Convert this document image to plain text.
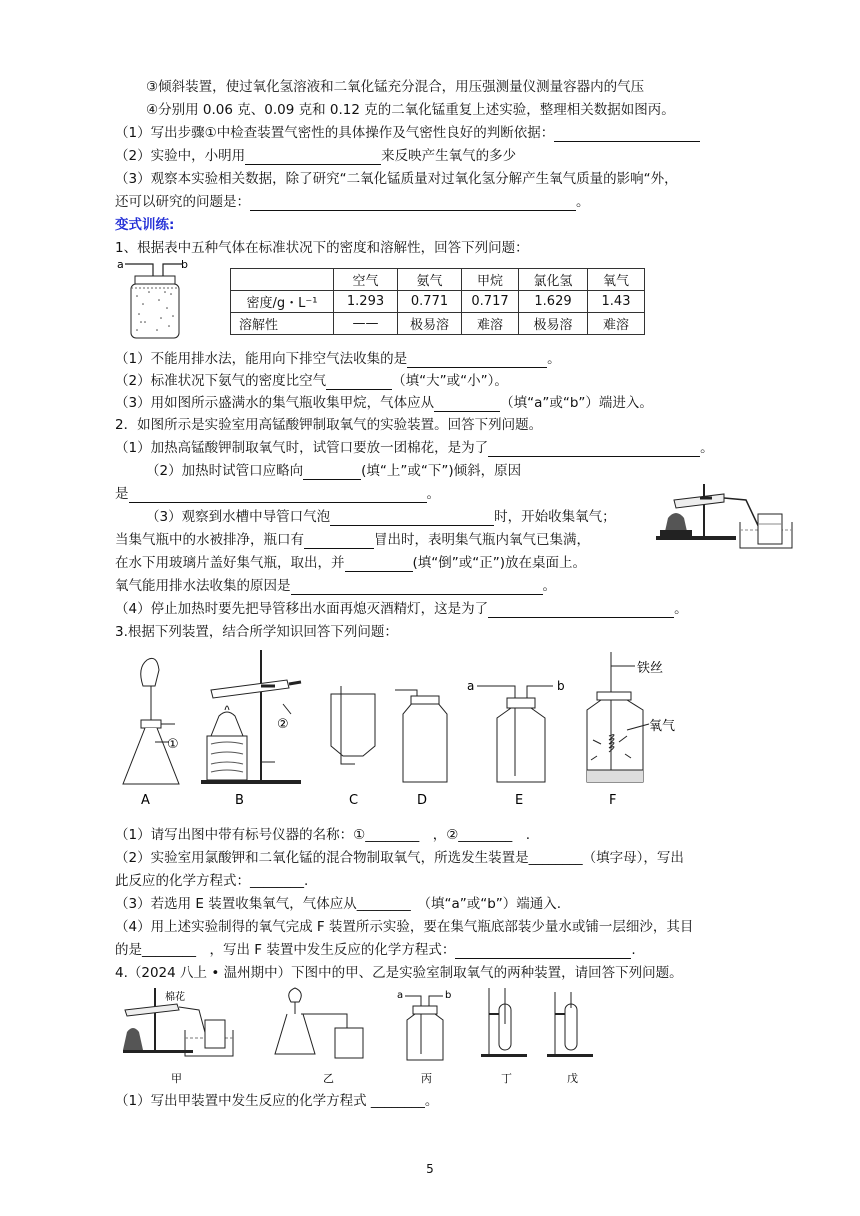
③倾斜装置，使过氧化氢溶液和二氧化锰充分混合，用压强测量仪测量容器内的气压
④分别用 0.06 克、0.09 克和 0.12 克的二氧化锰重复上述实验，整理相关数据如图丙。
（1）写出步骤①中检查装置气密性的具体操作及气密性良好的判断依据：
（2）实验中，小明用	来反映产生氧气的多少
（3）观察本实验相关数据，除了研究“二氧化锰质量对过氧化氢分解产生氧气质量的影响“外，
还可以研究的问题是：	。
变式训练:
1、根据表中五种气体在标准状况下的密度和溶解性，回答下列问题：
a	b
	空气	氨气	甲烷	氯化氢	氧气
密度/g・L⁻¹	1.293	0.771	0.717	1.629	1.43
溶解性	——	极易溶	难溶	极易溶	难溶
（1）不能用排水法，能用向下排空气法收集的是	。
（2）标准状况下氨气的密度比空气	（填“大”或“小”）。
（3）用如图所示盛满水的集气瓶收集甲烷，气体应从	（填“a”或“b”）端进入。
2．如图所示是实验室用高锰酸钾制取氧气的实验装置。回答下列问题。
（1）加热高锰酸钾制取氧气时，试管口要放一团棉花，是为了	。
（2）加热时试管口应略向	(填“上”或“下”)倾斜，原因
是	。
（3）观察到水槽中导管口气泡	时，开始收集氧气；
当集气瓶中的水被排净，瓶口有	冒出时，表明集气瓶内氧气已集满，
在水下用玻璃片盖好集气瓶，取出，并	(填“倒”或“正”)放在桌面上。
氧气能用排水法收集的原因是	。
（4）停止加热时要先把导管移出水面再熄灭酒精灯，这是为了	。
3.根据下列装置，结合所学知识回答下列问题：
①
A
②
B	C	D
a	b
E
铁丝
氧气
F
（1）请写出图中带有标号仪器的名称：①________　，②________　.
（2）实验室用氯酸钾和二氧化锰的混合物制取氧气，所选发生装置是________（填字母），写出
此反应的化学方程式：________.
（3）若选用 E 装置收集氧气，气体应从________　（填“a”或“b”）端通入.
（4）用上述实验制得的氧气完成 F 装置所示实验，要在集气瓶底部装少量水或铺一层细沙，其目
的是________　，写出 F 装置中发生反应的化学方程式：	.
4.（2024 八上 • 温州期中）下图中的甲、乙是实验室制取氧气的两种装置，请回答下列问题。
棉花
甲	乙
a	b
丙	丁	戊
（1）写出甲装置中发生反应的化学方程式 ________。
5
